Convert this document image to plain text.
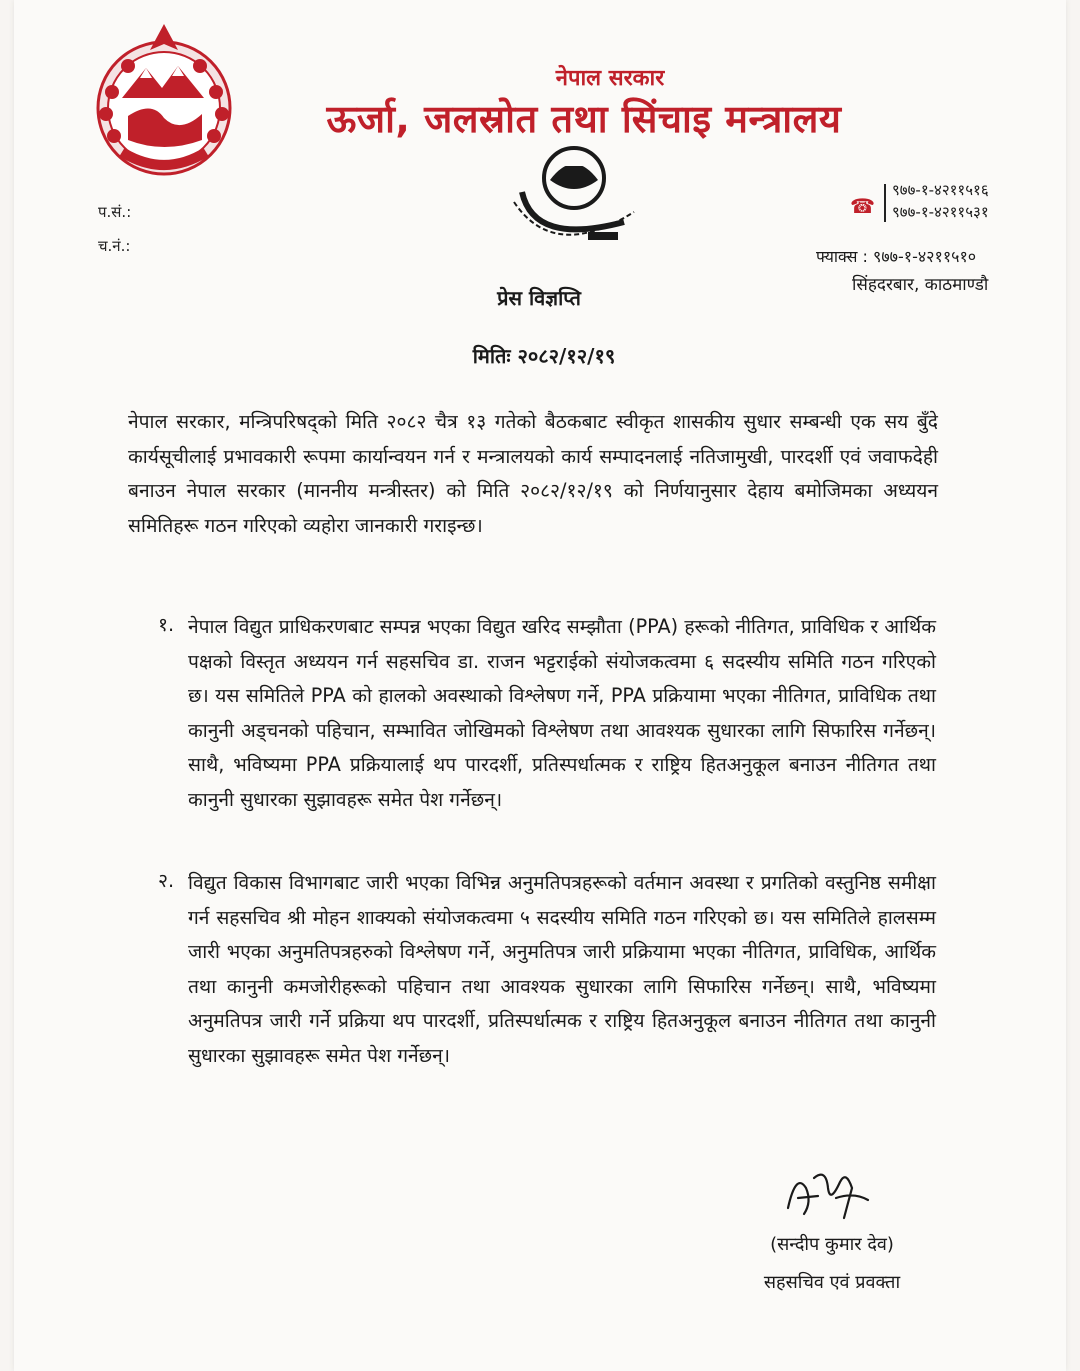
नेपाल सरकार
ऊर्जा, जलस्रोत तथा सिंचाइ मन्त्रालय
प.सं.:
च.नं.:
☎
९७७-१-४२११५१६
९७७-१-४२११५३१
फ्याक्स : ९७७-१-४२११५१०
सिंहदरबार, काठमाण्डौ
प्रेस विज्ञप्ति
मितिः २०८२/१२/१९
नेपाल सरकार, मन्त्रिपरिषद्‌को मिति २०८२ चैत्र १३ गतेको बैठकबाट स्वीकृत शासकीय सुधार सम्बन्धी एक सय बुँदे कार्यसूचीलाई प्रभावकारी रूपमा कार्यान्वयन गर्न र मन्त्रालयको कार्य सम्पादनलाई नतिजामुखी, पारदर्शी एवं जवाफदेही बनाउन नेपाल सरकार (माननीय मन्त्रीस्तर) को मिति २०८२/१२/१९ को निर्णयानुसार देहाय बमोजिमका अध्ययन समितिहरू गठन गरिएको व्यहोरा जानकारी गराइन्छ।
१. नेपाल विद्युत प्राधिकरणबाट सम्पन्न भएका विद्युत खरिद सम्झौता (PPA) हरूको नीतिगत, प्राविधिक र आर्थिक पक्षको विस्तृत अध्ययन गर्न सहसचिव डा. राजन भट्टराईको संयोजकत्वमा ६ सदस्यीय समिति गठन गरिएको छ। यस समितिले PPA को हालको अवस्थाको विश्लेषण गर्ने, PPA प्रक्रियामा भएका नीतिगत, प्राविधिक तथा कानुनी अड्चनको पहिचान, सम्भावित जोखिमको विश्लेषण तथा आवश्यक सुधारका लागि सिफारिस गर्नेछन्। साथै, भविष्यमा PPA प्रक्रियालाई थप पारदर्शी, प्रतिस्पर्धात्मक र राष्ट्रिय हितअनुकूल बनाउन नीतिगत तथा कानुनी सुधारका सुझावहरू समेत पेश गर्नेछन्।
२. विद्युत विकास विभागबाट जारी भएका विभिन्न अनुमतिपत्रहरूको वर्तमान अवस्था र प्रगतिको वस्तुनिष्ठ समीक्षा गर्न सहसचिव श्री मोहन शाक्यको संयोजकत्वमा ५ सदस्यीय समिति गठन गरिएको छ। यस समितिले हालसम्म जारी भएका अनुमतिपत्रहरुको विश्लेषण गर्ने, अनुमतिपत्र जारी प्रक्रियामा भएका नीतिगत, प्राविधिक, आर्थिक तथा कानुनी कमजोरीहरूको पहिचान तथा आवश्यक सुधारका लागि सिफारिस गर्नेछन्। साथै, भविष्यमा अनुमतिपत्र जारी गर्ने प्रक्रिया थप पारदर्शी, प्रतिस्पर्धात्मक र राष्ट्रिय हितअनुकूल बनाउन नीतिगत तथा कानुनी सुधारका सुझावहरू समेत पेश गर्नेछन्।
(सन्दीप कुमार देव)
सहसचिव एवं प्रवक्ता
